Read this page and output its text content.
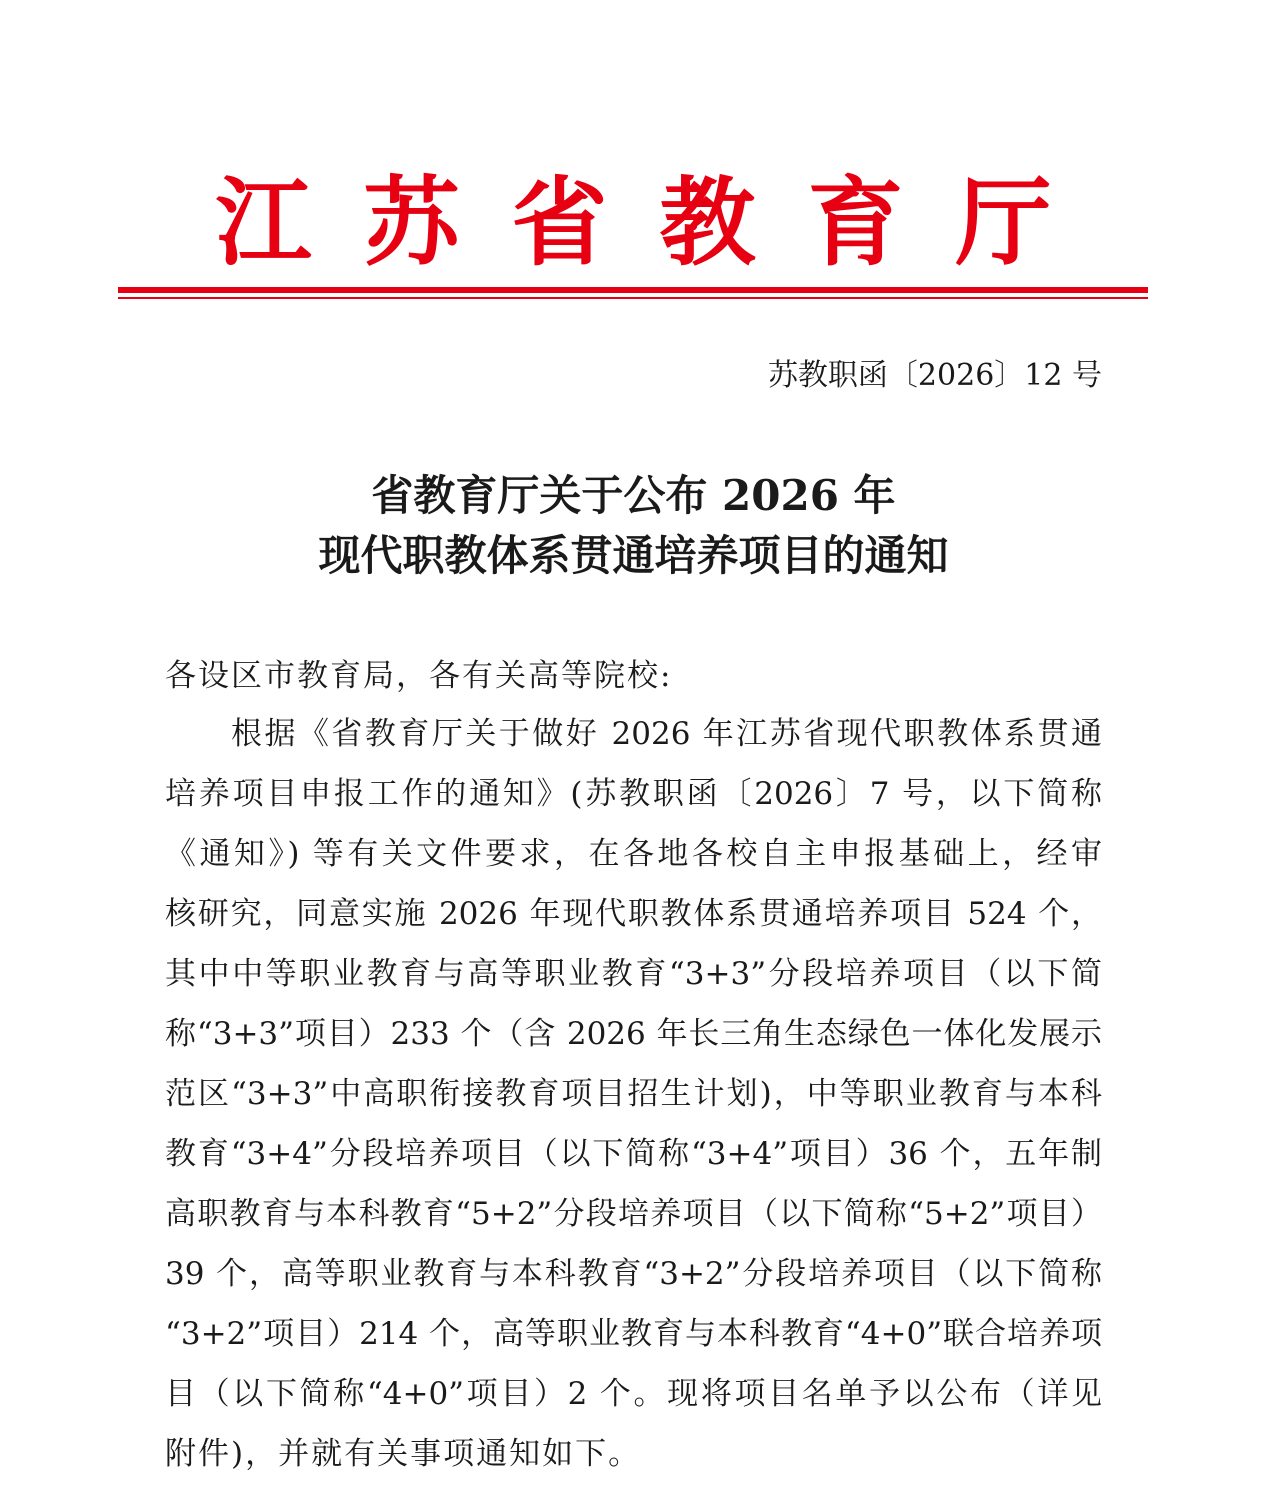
江苏省教育厅
苏教职函〔2026〕12 号
省教育厅关于公布 2026 年
现代职教体系贯通培养项目的通知
各设区市教育局，各有关高等院校:
根据《省教育厅关于做好 2026 年江苏省现代职教体系贯通
培养项目申报工作的通知》(苏教职函〔2026〕7 号，以下简称
《通知》) 等有关文件要求，在各地各校自主申报基础上，经审
核研究，同意实施 2026 年现代职教体系贯通培养项目 524 个，
其中中等职业教育与高等职业教育“3+3”分段培养项目（以下简
称“3+3”项目）233 个（含 2026 年长三角生态绿色一体化发展示
范区“3+3”中高职衔接教育项目招生计划)，中等职业教育与本科
教育“3+4”分段培养项目（以下简称“3+4”项目）36 个，五年制
高职教育与本科教育“5+2”分段培养项目（以下简称“5+2”项目）
39 个，高等职业教育与本科教育“3+2”分段培养项目（以下简称
“3+2”项目）214 个，高等职业教育与本科教育“4+0”联合培养项
目（以下简称“4+0”项目）2 个。现将项目名单予以公布（详见
附件)，并就有关事项通知如下。
